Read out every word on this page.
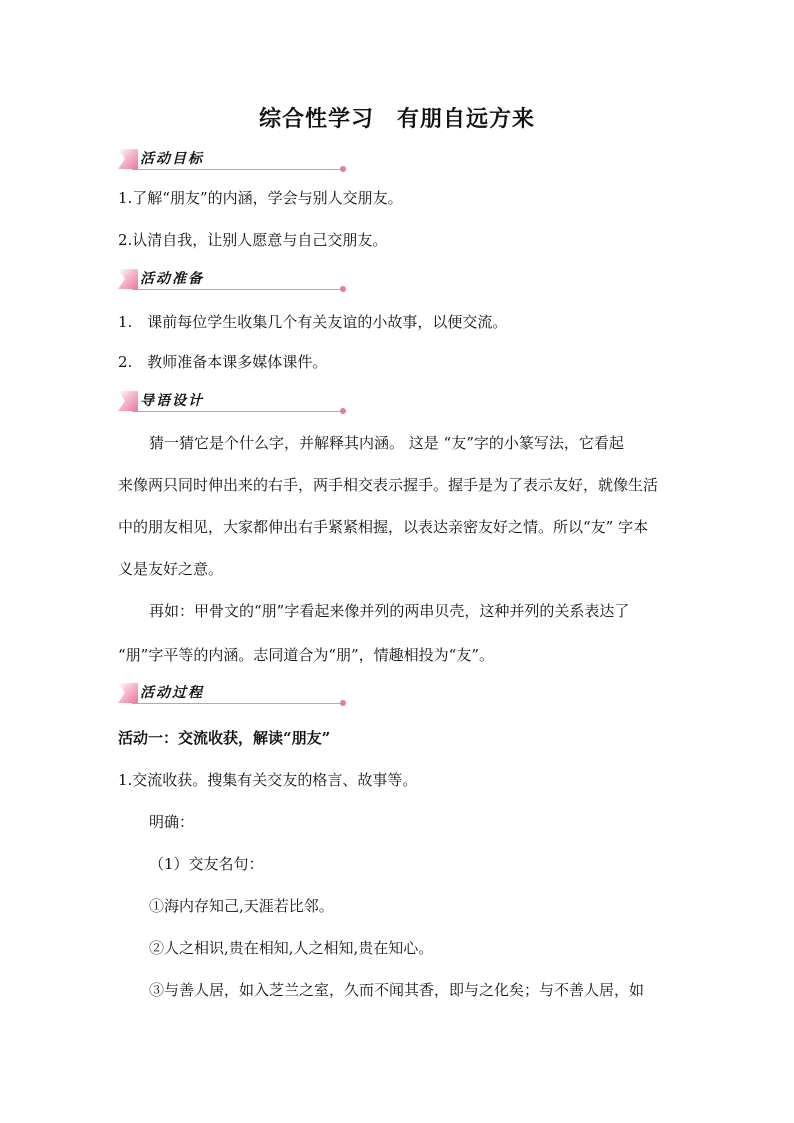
综合性学习　有朋自远方来
活动目标
1.了解“朋友”的内涵，学会与别人交朋友。
2.认清自我，让别人愿意与自己交朋友。
活动准备
1.　课前每位学生收集几个有关友谊的小故事，以便交流。
2.　教师准备本课多媒体课件。
导语设计
猜一猜它是个什么字，并解释其内涵。 这是 “友”字的小篆写法，它看起
来像两只同时伸出来的右手，两手相交表示握手。握手是为了表示友好，就像生活
中的朋友相见，大家都伸出右手紧紧相握，以表达亲密友好之情。所以“友” 字本
义是友好之意。
再如：甲骨文的“朋”字看起来像并列的两串贝壳，这种并列的关系表达了
“朋”字平等的内涵。志同道合为“朋”，情趣相投为“友”。
活动过程
活动一：交流收获，解读“朋友”
1.交流收获。搜集有关交友的格言、故事等。
明确：
（1）交友名句：
①海内存知己,天涯若比邻。
②人之相识,贵在相知,人之相知,贵在知心。
③与善人居，如入芝兰之室，久而不闻其香，即与之化矣；与不善人居，如
